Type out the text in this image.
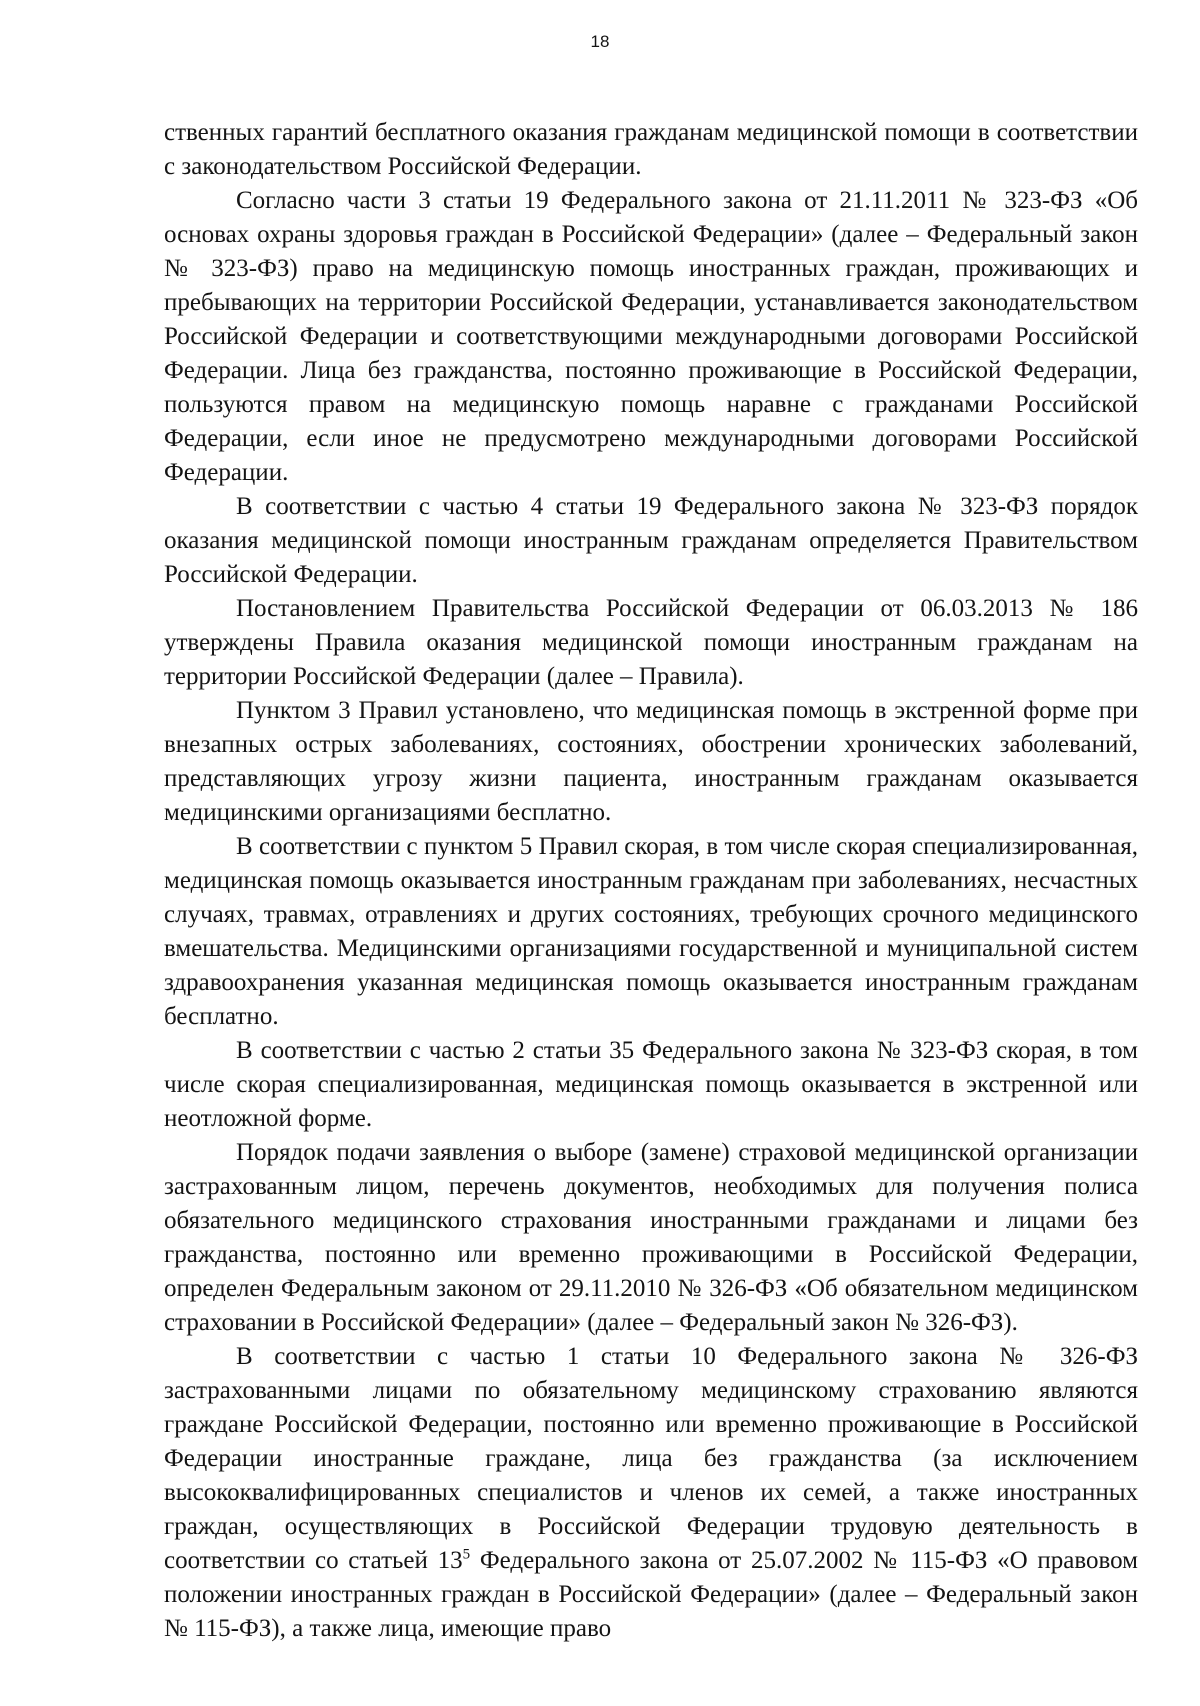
18

ственных гарантий бесплатного оказания гражданам медицинской помощи в соответствии с законодательством Российской Федерации.

Согласно части 3 статьи 19 Федерального закона от 21.11.2011 № 323-ФЗ «Об основах охраны здоровья граждан в Российской Федерации» (далее – Федеральный закон № 323-ФЗ) право на медицинскую помощь иностранных граждан, проживающих и пребывающих на территории Российской Федерации, устанавливается законодательством Российской Федерации и соответствующими международными договорами Российской Федерации. Лица без гражданства, постоянно проживающие в Российской Федерации, пользуются правом на медицинскую помощь наравне с гражданами Российской Федерации, если иное не предусмотрено международными договорами Российской Федерации.

В соответствии с частью 4 статьи 19 Федерального закона № 323-ФЗ порядок оказания медицинской помощи иностранным гражданам определяется Правительством Российской Федерации.

Постановлением Правительства Российской Федерации от 06.03.2013 № 186 утверждены Правила оказания медицинской помощи иностранным гражданам на территории Российской Федерации (далее – Правила).

Пунктом 3 Правил установлено, что медицинская помощь в экстренной форме при внезапных острых заболеваниях, состояниях, обострении хронических заболеваний, представляющих угрозу жизни пациента, иностранным гражданам оказывается медицинскими организациями бесплатно.

В соответствии с пунктом 5 Правил скорая, в том числе скорая специализированная, медицинская помощь оказывается иностранным гражданам при заболеваниях, несчастных случаях, травмах, отравлениях и других состояниях, требующих срочного медицинского вмешательства. Медицинскими организациями государственной и муниципальной систем здравоохранения указанная медицинская помощь оказывается иностранным гражданам бесплатно.

В соответствии с частью 2 статьи 35 Федерального закона № 323-ФЗ скорая, в том числе скорая специализированная, медицинская помощь оказывается в экстренной или неотложной форме.

Порядок подачи заявления о выборе (замене) страховой медицинской организации застрахованным лицом, перечень документов, необходимых для получения полиса обязательного медицинского страхования иностранными гражданами и лицами без гражданства, постоянно или временно проживающими в Российской Федерации, определен Федеральным законом от 29.11.2010 № 326-ФЗ «Об обязательном медицинском страховании в Российской Федерации» (далее – Федеральный закон № 326-ФЗ).

В соответствии с частью 1 статьи 10 Федерального закона № 326-ФЗ застрахованными лицами по обязательному медицинскому страхованию являются граждане Российской Федерации, постоянно или временно проживающие в Российской Федерации иностранные граждане, лица без гражданства (за исключением высококвалифицированных специалистов и членов их семей, а также иностранных граждан, осуществляющих в Российской Федерации трудовую деятельность в соответствии со статьей $13^5$ Федерального закона от 25.07.2002 № 115-ФЗ «О правовом положении иностранных граждан в Российской Федерации» (далее – Федеральный закон № 115-ФЗ), а также лица, имеющие право
